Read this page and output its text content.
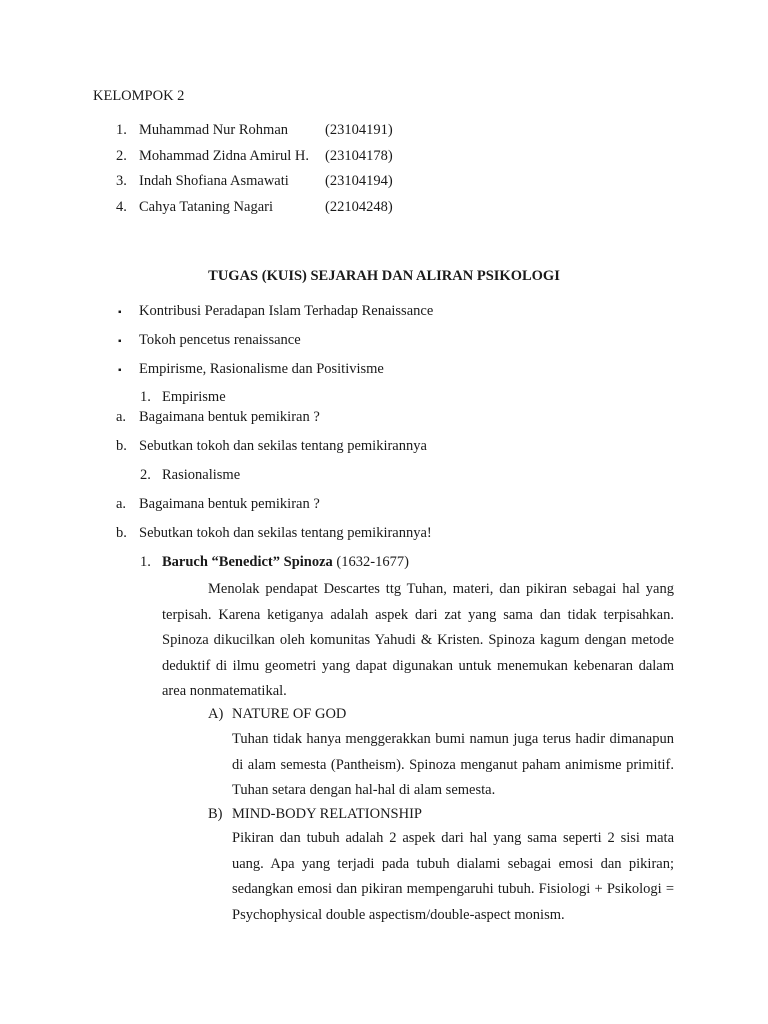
KELOMPOK 2
1. Muhammad Nur Rohman	(23104191)
2. Mohammad Zidna Amirul H. (23104178)
3. Indah Shofiana Asmawati (23104194)
4. Cahya Tataning Nagari	(22104248)
TUGAS (KUIS) SEJARAH DAN ALIRAN PSIKOLOGI
▪ Kontribusi Peradapan Islam Terhadap Renaissance
▪ Tokoh pencetus renaissance
▪ Empirisme, Rasionalisme dan Positivisme
1. Empirisme
a. Bagaimana bentuk pemikiran ?
b. Sebutkan tokoh dan sekilas tentang pemikirannya
2. Rasionalisme
a. Bagaimana bentuk pemikiran ?
b. Sebutkan tokoh dan sekilas tentang pemikirannya!
1. Baruch “Benedict” Spinoza (1632-1677)
Menolak pendapat Descartes ttg Tuhan, materi, dan pikiran sebagai hal yang terpisah. Karena ketiganya adalah aspek dari zat yang sama dan tidak terpisahkan. Spinoza dikucilkan oleh komunitas Yahudi & Kristen. Spinoza kagum dengan metode deduktif di ilmu geometri yang dapat digunakan untuk menemukan kebenaran dalam area nonmatematikal.
A) NATURE OF GOD
Tuhan tidak hanya menggerakkan bumi namun juga terus hadir dimanapun di alam semesta (Pantheism). Spinoza menganut paham animisme primitif. Tuhan setara dengan hal-hal di alam semesta.
B) MIND-BODY RELATIONSHIP
Pikiran dan tubuh adalah 2 aspek dari hal yang sama seperti 2 sisi mata uang. Apa yang terjadi pada tubuh dialami sebagai emosi dan pikiran; sedangkan emosi dan pikiran mempengaruhi tubuh. Fisiologi + Psikologi = Psychophysical double aspectism/double-aspect monism.
